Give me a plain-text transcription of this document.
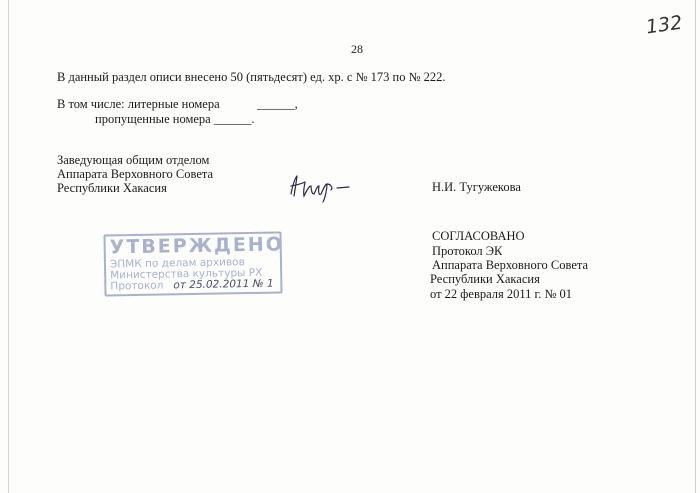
132
28
В данный раздел описи внесено 50 (пятьдесят) ед. хр. с № 173 по № 222.
В том числе: литерные номера            ______,
пропущенные номера ______.
Заведующая общим отделом
Аппарата Верховного Совета
Республики Хакасия	Н.И. Тугужекова
СОГЛАСОВАНО
Протокол ЭК
Аппарата Верховного Совета
Республики Хакасия
от 22 февраля 2011 г. № 01
УТВЕРЖДЕНО
ЭПМК по делам архивов
Министерства культуры РХ
Протокол от 25.02.2011 № 1
